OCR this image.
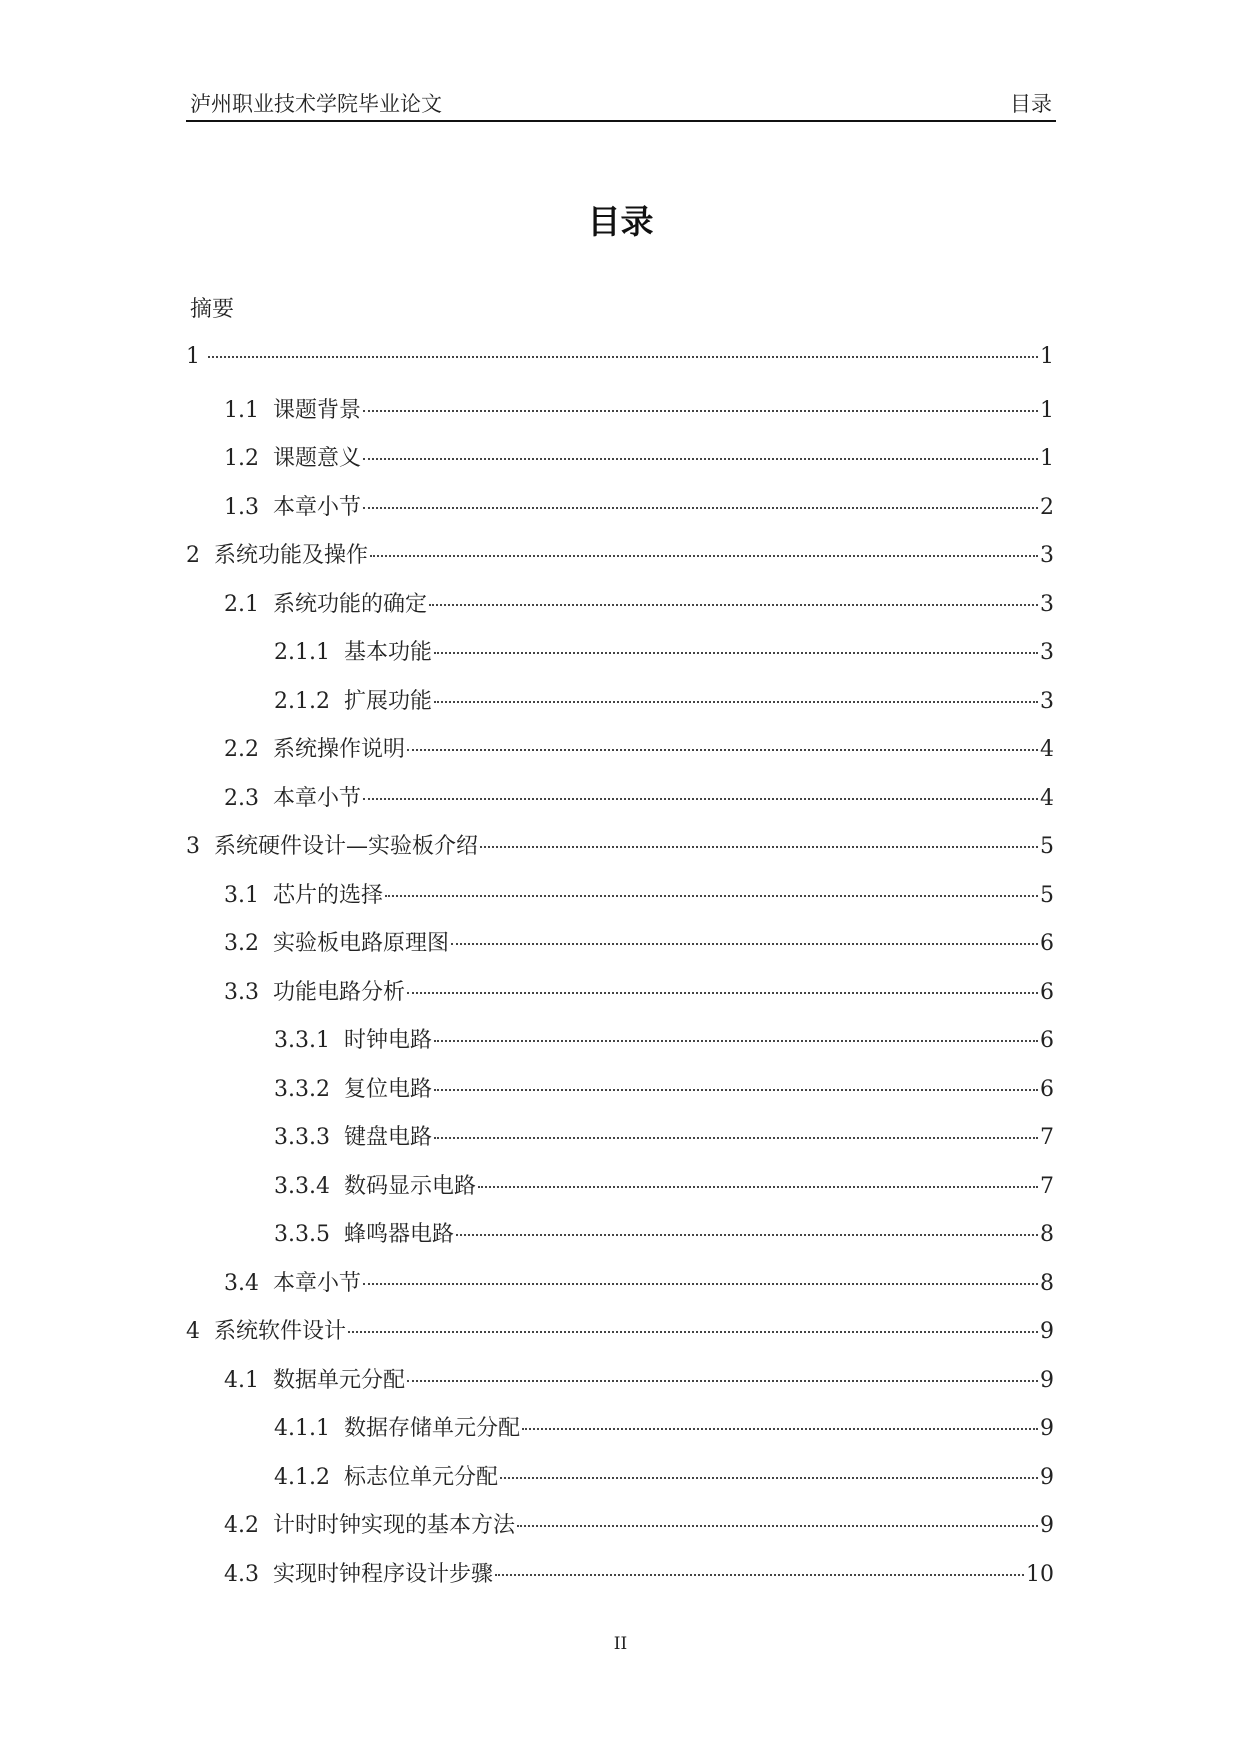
泸州职业技术学院毕业论文	目录
目录
摘要
1	1
1.1 课题背景	1
1.2 课题意义	1
1.3 本章小节	2
2 系统功能及操作	3
2.1 系统功能的确定	3
2.1.1 基本功能	3
2.1.2 扩展功能	3
2.2 系统操作说明	4
2.3 本章小节	4
3 系统硬件设计—实验板介绍	5
3.1 芯片的选择	5
3.2 实验板电路原理图	6
3.3 功能电路分析	6
3.3.1 时钟电路	6
3.3.2 复位电路	6
3.3.3 键盘电路	7
3.3.4 数码显示电路	7
3.3.5 蜂鸣器电路	8
3.4 本章小节	8
4 系统软件设计	9
4.1 数据单元分配	9
4.1.1 数据存储单元分配	9
4.1.2 标志位单元分配	9
4.2 计时时钟实现的基本方法	9
4.3 实现时钟程序设计步骤	10
II
